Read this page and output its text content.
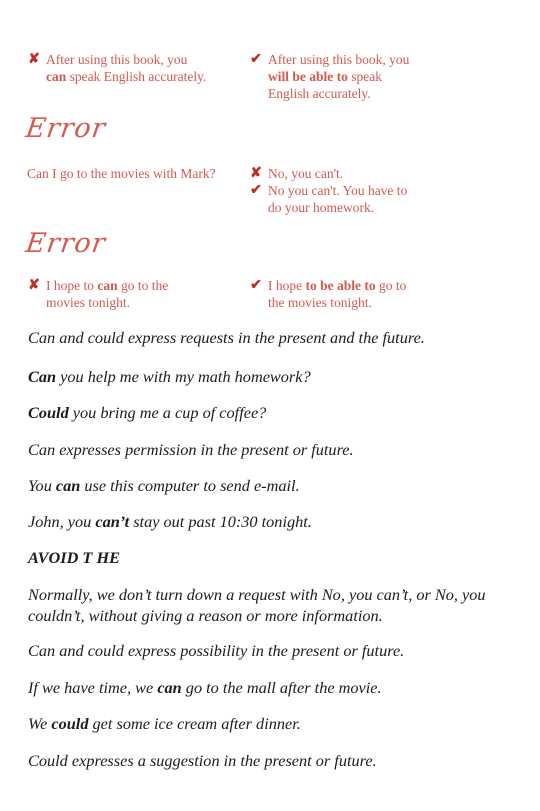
✘ After using this book, you
can speak English accurately.
✔ After using this book, you
will be able to speak
English accurately.
Error
Can I go to the movies with Mark?	✘ No, you can't.
✔ No you can't. You have to
do your homework.
Error
✘ I hope to can go to the
movies tonight.
✔ I hope to be able to go to
the movies tonight.
Can and could express requests in the present and the future.
Can you help me with my math homework?
Could you bring me a cup of coffee?
Can expresses permission in the present or future.
You can use this computer to send e-mail.
John, you can’t stay out past 10:30 tonight.
AVOID T HE
Normally, we don’t turn down a request with No, you can’t, or No, you couldn’t, without giving a reason or more information.
Can and could express possibility in the present or future.
If we have time, we can go to the mall after the movie.
We could get some ice cream after dinner.
Could expresses a suggestion in the present or future.
